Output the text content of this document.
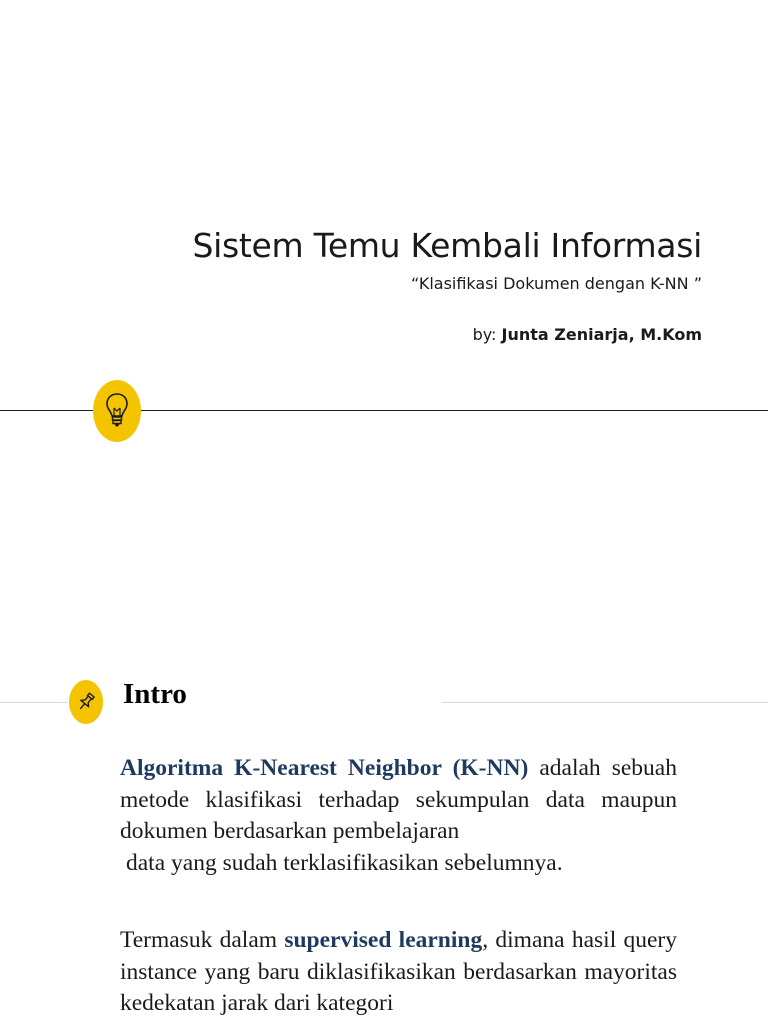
Sistem Temu Kembali Informasi
“Klasifikasi Dokumen dengan K-NN ”
by: Junta Zeniarja, M.Kom
Intro

Algoritma K-Nearest Neighbor (K-NN) adalah sebuah metode klasifikasi terhadap sekumpulan data maupun dokumen berdasarkan pembelajaran
data yang sudah terklasifikasikan sebelumnya.

Termasuk dalam supervised learning, dimana hasil query instance yang baru diklasifikasikan berdasarkan mayoritas kedekatan jarak dari kategori
